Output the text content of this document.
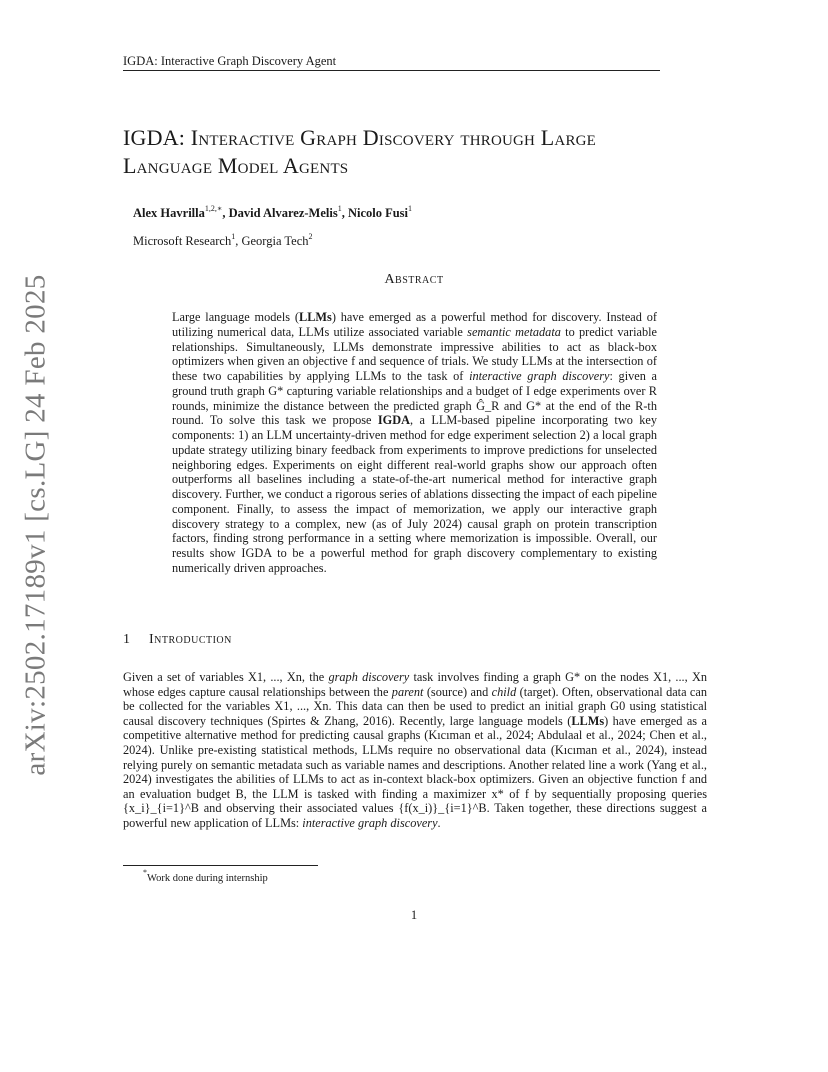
IGDA: Interactive Graph Discovery Agent
IGDA: Interactive Graph Discovery through Large
Language Model Agents
Alex Havrilla$^{1,2,∗}$, David Alvarez-Melis$^1$, Nicolo Fusi$^1$
Microsoft Research$^1$, Georgia Tech$^2$
Abstract
Large language models (LLMs) have emerged as a powerful method for discovery. Instead of utilizing numerical data, LLMs utilize associated variable semantic metadata to predict variable relationships. Simultaneously, LLMs demonstrate impressive abilities to act as black-box optimizers when given an objective f and sequence of trials. We study LLMs at the intersection of these two capabilities by applying LLMs to the task of interactive graph discovery: given a ground truth graph G* capturing variable relationships and a budget of I edge experiments over R rounds, minimize the distance between the predicted graph Ĝ_R and G* at the end of the R-th round. To solve this task we propose IGDA, a LLM-based pipeline incorporating two key components: 1) an LLM uncertainty-driven method for edge experiment selection 2) a local graph update strategy utilizing binary feedback from experiments to improve predictions for unselected neighboring edges. Experiments on eight different real-world graphs show our approach often outperforms all baselines including a state-of-the-art numerical method for interactive graph discovery. Further, we conduct a rigorous series of ablations dissecting the impact of each pipeline component. Finally, to assess the impact of memorization, we apply our interactive graph discovery strategy to a complex, new (as of July 2024) causal graph on protein transcription factors, finding strong performance in a setting where memorization is impossible. Overall, our results show IGDA to be a powerful method for graph discovery complementary to existing numerically driven approaches.
1 Introduction
Given a set of variables X1, ..., Xn, the graph discovery task involves finding a graph G* on the nodes X1, ..., Xn whose edges capture causal relationships between the parent (source) and child (target). Often, observational data can be collected for the variables X1, ..., Xn. This data can then be used to predict an initial graph G0 using statistical causal discovery techniques (Spirtes & Zhang, 2016). Recently, large language models (LLMs) have emerged as a competitive alternative method for predicting causal graphs (Kıcıman et al., 2024; Abdulaal et al., 2024; Chen et al., 2024). Unlike pre-existing statistical methods, LLMs require no observational data (Kıcıman et al., 2024), instead relying purely on semantic metadata such as variable names and descriptions. Another related line a work (Yang et al., 2024) investigates the abilities of LLMs to act as in-context black-box optimizers. Given an objective function f and an evaluation budget B, the LLM is tasked with finding a maximizer x* of f by sequentially proposing queries {x_i}_{i=1}^B and observing their associated values {f(x_i)}_{i=1}^B. Taken together, these directions suggest a powerful new application of LLMs: interactive graph discovery.
*Work done during internship
1
arXiv:2502.17189v1 [cs.LG] 24 Feb 2025
